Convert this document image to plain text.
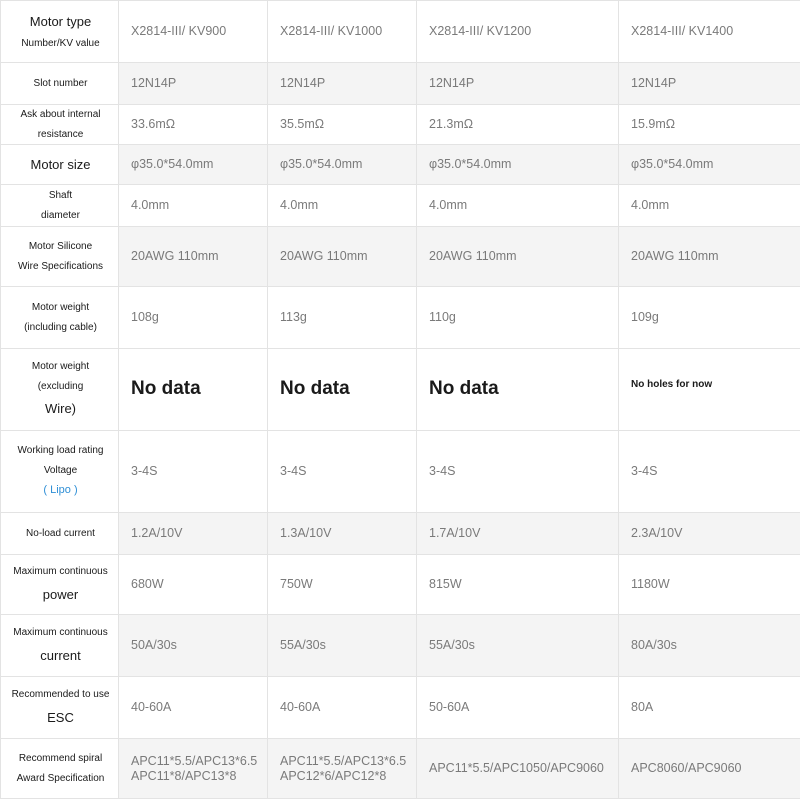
Motor type
Number/KV value	X2814-III/ KV900	X2814-III/ KV1000	X2814-III/ KV1200	X2814-III/ KV1400
Slot number	12N14P	12N14P	12N14P	12N14P
Ask about internal
resistance	33.6mΩ	35.5mΩ	21.3mΩ	15.9mΩ
Motor size	φ35.0*54.0mm	φ35.0*54.0mm	φ35.0*54.0mm	φ35.0*54.0mm
Shaft
diameter	4.0mm	4.0mm	4.0mm	4.0mm
Motor Silicone
Wire Specifications	20AWG 110mm	20AWG 110mm	20AWG 110mm	20AWG 110mm
Motor weight
(including cable)	108g	113g	110g	109g
Motor weight
(excluding
Wire)	No data	No data	No data	No holes for now
Working load rating
Voltage
( Lipo )	3-4S	3-4S	3-4S	3-4S
No-load current	1.2A/10V	1.3A/10V	1.7A/10V	2.3A/10V
Maximum continuous
power	680W	750W	815W	1180W
Maximum continuous
current	50A/30s	55A/30s	55A/30s	80A/30s
Recommended to use
ESC	40-60A	40-60A	50-60A	80A
Recommend spiral
Award Specification	APC11*5.5/APC13*6.5 APC11*8/APC13*8	APC11*5.5/APC13*6.5 APC12*6/APC12*8	APC11*5.5/APC1050/APC9060	APC8060/APC9060
